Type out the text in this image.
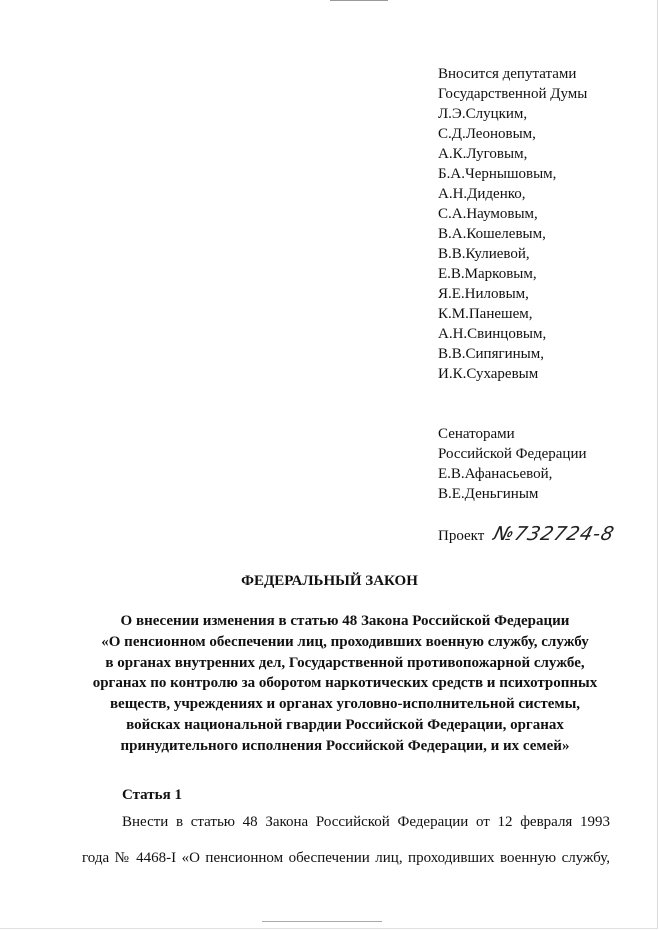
Вносится депутатами
Государственной Думы
Л.Э.Слуцким,
С.Д.Леоновым,
А.К.Луговым,
Б.А.Чернышовым,
А.Н.Диденко,
С.А.Наумовым,
В.А.Кошелевым,
В.В.Кулиевой,
Е.В.Марковым,
Я.Е.Ниловым,
К.М.Панешем,
А.Н.Свинцовым,
В.В.Сипягиным,
И.К.Сухаревым
Сенаторами
Российской Федерации
Е.В.Афанасьевой,
В.Е.Деньгиным
Проект №732724-8
ФЕДЕРАЛЬНЫЙ ЗАКОН
О внесении изменения в статью 48 Закона Российской Федерации
«О пенсионном обеспечении лиц, проходивших военную службу, службу
в органах внутренних дел, Государственной противопожарной службе,
органах по контролю за оборотом наркотических средств и психотропных
веществ, учреждениях и органах уголовно-исполнительной системы,
войсках национальной гвардии Российской Федерации, органах
принудительного исполнения Российской Федерации, и их семей»
Статья 1
Внести в статью 48 Закона Российской Федерации от 12 февраля 1993
года № 4468-I «О пенсионном обеспечении лиц, проходивших военную службу,
